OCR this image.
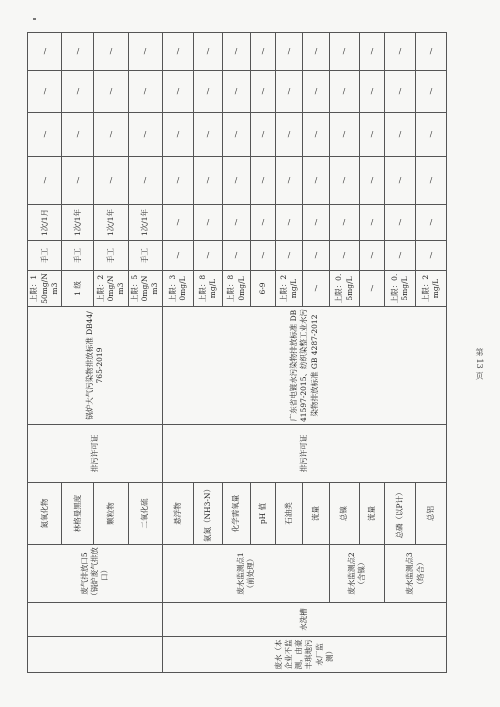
		废气排放口5（锅炉废气排放口）	氮氧化物	排污许可证	锅炉大气污染物排放标准 DB44/765-2019	上限：150mg/Nm3	手工	1次/1月	/	/	/	/
			林格曼黑度			1 级	手工	1次/1年	/	/	/	/
			颗粒物			上限：20mg/Nm3	手工	1次/1年	/	/	/	/
			二氧化硫			上限：50mg/Nm3	手工	1次/1年	/	/	/	/
废水（本企业不监测，由豪丰琪地污水厂监测）	水洗槽	废水监测点1（前处理）	悬浮物	排污许可证	广东省电镀水污染物排放标准 DB41597-2015、纺织染整工业水污染物排放标准 GB 4287-2012	上限：30mg/L	/	/	/	/	/	/
			氨氮（NH3-N）			上限：8mg/L	/	/	/	/	/	/
			化学需氧量			上限：80mg/L	/	/	/	/	/	/
			pH 值			6-9	/	/	/	/	/	/
			石油类			上限：2mg/L	/	/	/	/	/	/
			流量			/	/	/	/	/	/	/
		废水监测点2（含镍）	总镍			上限：0.5mg/L	/	/	/	/	/	/
			流量			/	/	/	/	/	/	/
		废水监测点3（络合）	总磷（以P计）			上限：0.5mg/L	/	/	/	/	/	/
			总铝			上限：2mg/L	/	/	/	/	/	/
第 13 页
